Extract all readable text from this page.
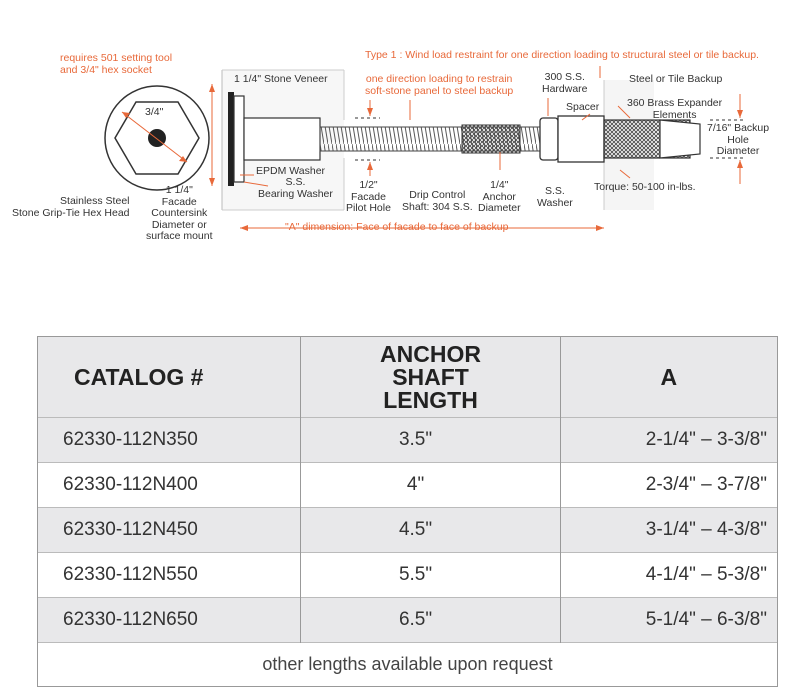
requires 501 setting tool
and 3/4" hex socket
Type 1 : Wind load restraint for one direction loading to structural steel or tile backup.
1 1/4" Stone Veneer	one direction loading to restrain
soft-stone panel to steel backup
300 S.S.
Hardware
Steel or Tile Backup
3/4"	Spacer	360 Brass Expander
Elements
7/16" Backup
Hole
Diameter
EPDM Washer
S.S.
Bearing Washer
1 1/4"
Facade
Countersink
Diameter or
surface mount
Stainless Steel
Stone Grip-Tie Hex Head
1/2"
Facade
Pilot Hole
Drip Control
Shaft: 304 S.S.
1/4"
Anchor
Diameter
S.S.
Washer
Torque: 50-100 in-lbs.
"A" dimension: Face of facade to face of backup
CATALOG #	ANCHOR SHAFT LENGTH	A
62330-112N350	3.5"	2-1/4" – 3-3/8"
62330-112N400	4"	2-3/4" – 3-7/8"
62330-112N450	4.5"	3-1/4" – 4-3/8"
62330-112N550	5.5"	4-1/4" – 5-3/8"
62330-112N650	6.5"	5-1/4" – 6-3/8"
other lengths available upon request		
